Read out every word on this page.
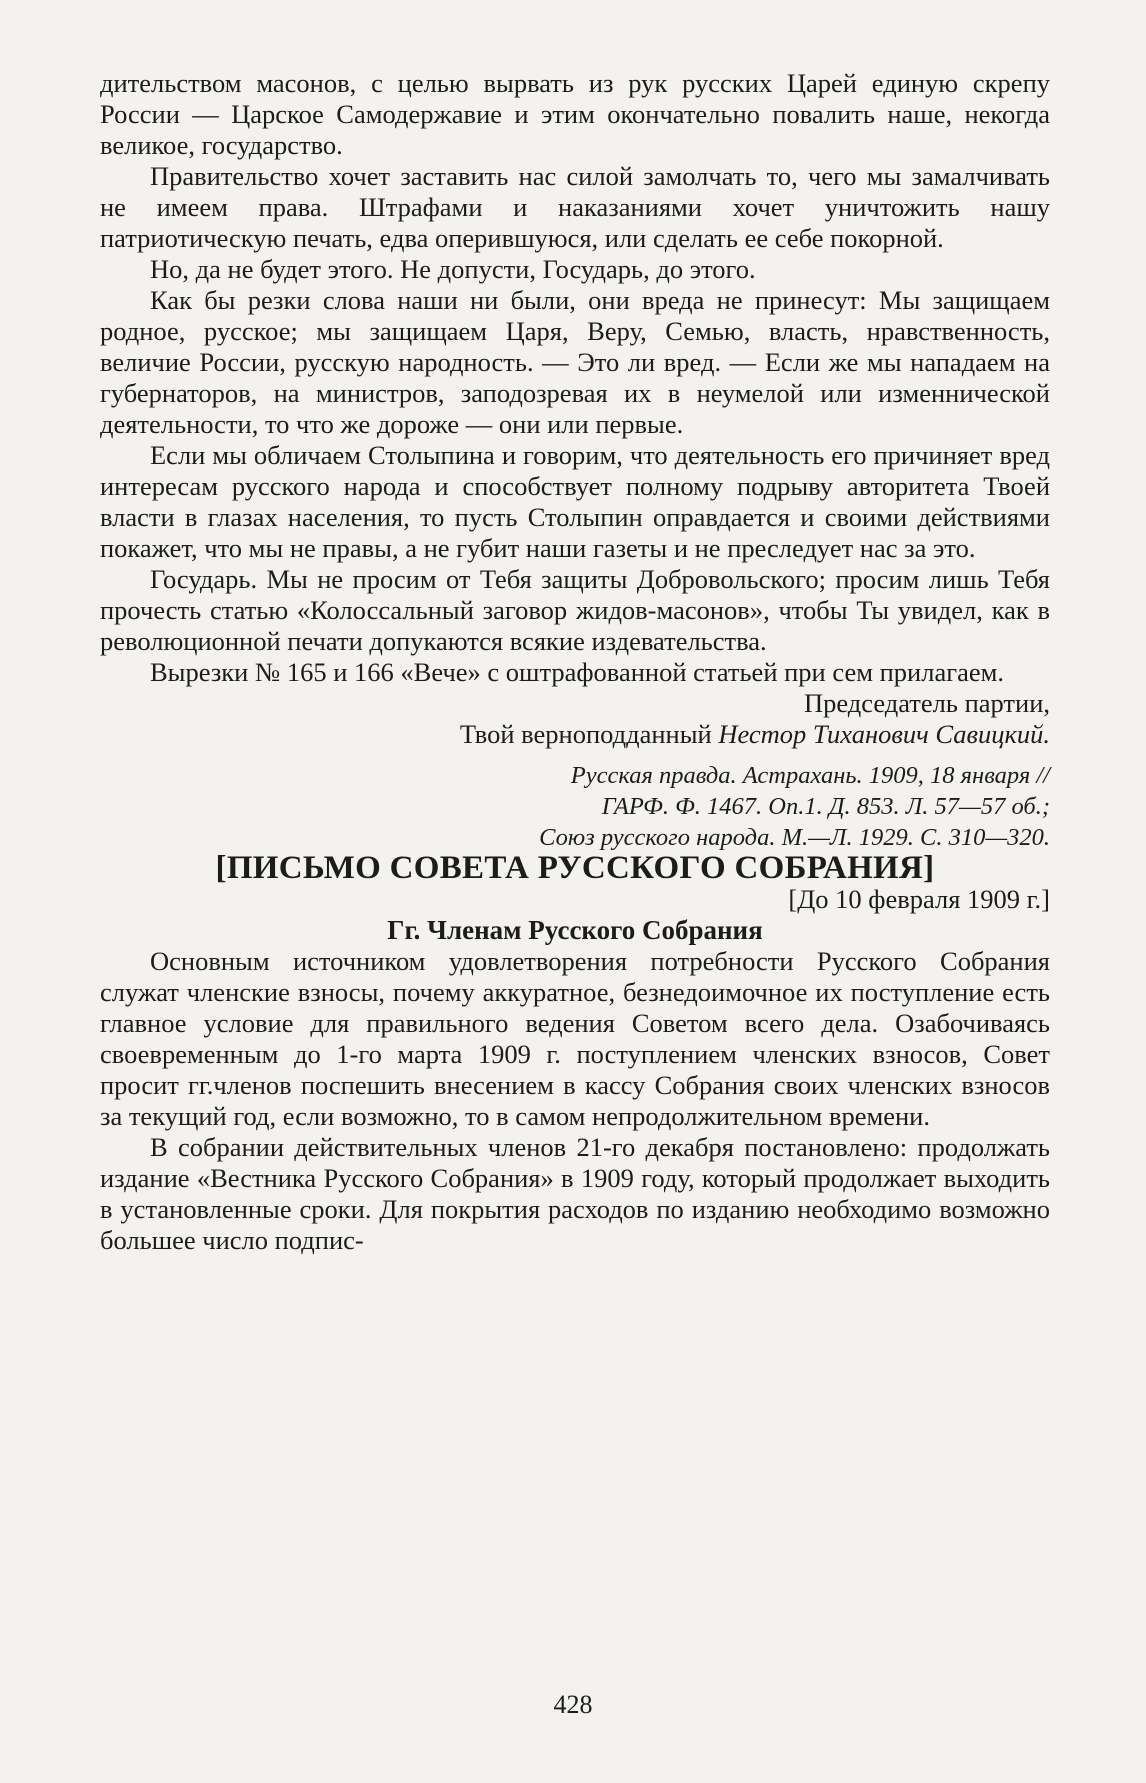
дительством масонов, с целью вырвать из рук русских Царей единую скрепу России — Царское Самодержавие и этим окончательно повалить наше, некогда великое, государство.

Правительство хочет заставить нас силой замолчать то, чего мы замалчивать не имеем права. Штрафами и наказаниями хочет уничтожить нашу патриотическую печать, едва оперившуюся, или сделать ее себе покорной.

Но, да не будет этого. Не допусти, Государь, до этого.

Как бы резки слова наши ни были, они вреда не принесут: Мы защищаем родное, русское; мы защищаем Царя, Веру, Семью, власть, нравственность, величие России, русскую народность. — Это ли вред. — Если же мы нападаем на губернаторов, на министров, заподозревая их в неумелой или изменнической деятельности, то что же дороже — они или первые.

Если мы обличаем Столыпина и говорим, что деятельность его причиняет вред интересам русского народа и способствует полному подрыву авторитета Твоей власти в глазах населения, то пусть Столыпин оправдается и своими действиями покажет, что мы не правы, а не губит наши газеты и не преследует нас за это.

Государь. Мы не просим от Тебя защиты Добровольского; просим лишь Тебя прочесть статью «Колоссальный заговор жидов-масонов», чтобы Ты увидел, как в революционной печати допукаются всякие издевательства.

Вырезки № 165 и 166 «Вече» с оштрафованной статьей при сем прилагаем.

Председатель партии,

Твой верноподданный Нестор Тиханович Савицкий.

Русская правда. Астрахань. 1909, 18 января //

ГАРФ. Ф. 1467. Оп.1. Д. 853. Л. 57—57 об.;

Союз русского народа. М.—Л. 1929. С. 310—320.

[ПИСЬМО СОВЕТА РУССКОГО СОБРАНИЯ]

[До 10 февраля 1909 г.]

Гг. Членам Русского Собрания

Основным источником удовлетворения потребности Русского Собрания служат членские взносы, почему аккуратное, безнедоимочное их поступление есть главное условие для правильного ведения Советом всего дела. Озабочиваясь своевременным до 1-го марта 1909 г. поступлением членских взносов, Совет просит гг.членов поспешить внесением в кассу Собрания своих членских взносов за текущий год, если возможно, то в самом непродолжительном времени.

В собрании действительных членов 21-го декабря постановлено: продолжать издание «Вестника Русского Собрания» в 1909 году, который продолжает выходить в установленные сроки. Для покрытия расходов по изданию необходимо возможно большее число подпис-

428
